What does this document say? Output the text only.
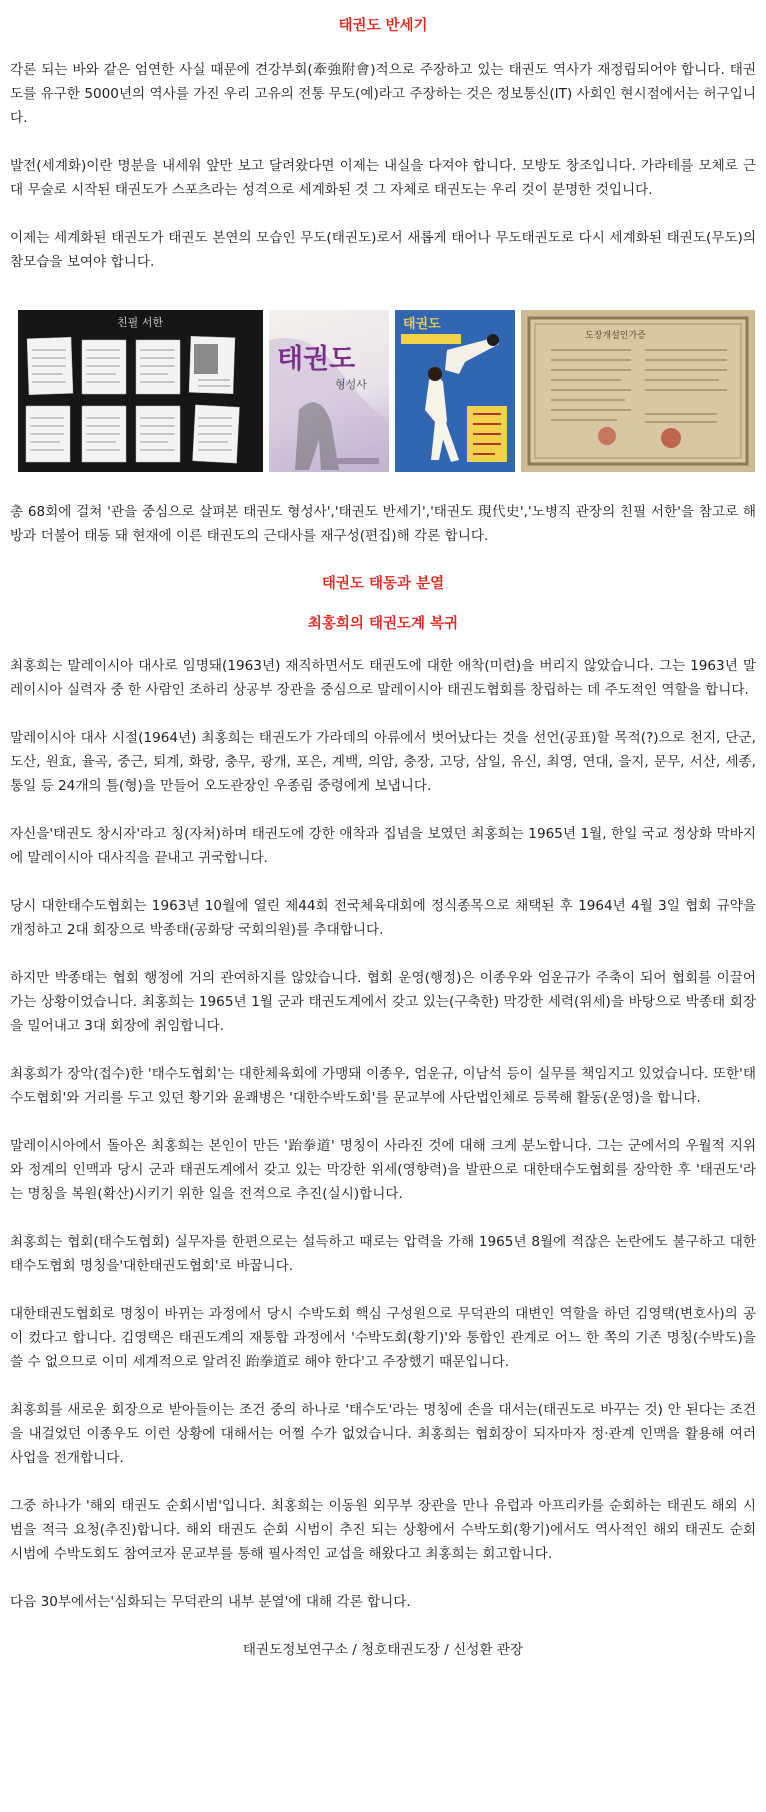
태권도 반세기

각론 되는 바와 같은 엄연한 사실 때문에 견강부회(牽強附會)적으로 주장하고 있는 태권도 역사가 재정립되어야 합니다. 태권도를 유구한 5000년의 역사를 가진 우리 고유의 전통 무도(예)라고 주장하는 것은 정보통신(IT) 사회인 현시점에서는 허구입니다.

발전(세계화)이란 명분을 내세워 앞만 보고 달려왔다면 이제는 내실을 다져야 합니다. 모방도 창조입니다. 가라테를 모체로 근대 무술로 시작된 태권도가 스포츠라는 성격으로 세계화된 것 그 자체로 태권도는 우리 것이 분명한 것입니다.

이제는 세계화된 태권도가 태권도 본연의 모습인 무도(태권도)로서 새롭게 태어나 무도태권도로 다시 세계화된 태권도(무도)의 참모습을 보여야 합니다.

친필 서한
태권도
형성사
태권도
도장개설인가증

총 68회에 걸쳐 '관을 중심으로 살펴본 태권도 형성사','태권도 반세기','태권도 現代史','노병직 관장의 친필 서한'을 참고로 해방과 더불어 태동 돼 현재에 이른 태권도의 근대사를 재구성(편집)해 각론 합니다.

태권도 태동과 분열
최홍희의 태권도계 복귀

최홍희는 말레이시아 대사로 임명돼(1963년) 재직하면서도 태권도에 대한 애착(미련)을 버리지 않았습니다. 그는 1963년 말레이시아 실력자 중 한 사람인 조하리 상공부 장관을 중심으로 말레이시아 태권도협회를 창립하는 데 주도적인 역할을 합니다.

말레이시아 대사 시절(1964년) 최홍희는 태권도가 가라데의 아류에서 벗어났다는 것을 선언(공표)할 목적(?)으로 천지, 단군, 도산, 원효, 율곡, 중근, 퇴계, 화랑, 충무, 광개, 포은, 계백, 의암, 충장, 고당, 삼일, 유신, 최영, 연대, 을지, 문무, 서산, 세종, 통일 등 24개의 틀(형)을 만들어 오도관장인 우종림 중령에게 보냅니다.

자신을'태권도 창시자'라고 칭(자처)하며 태권도에 강한 애착과 집념을 보였던 최홍희는 1965년 1월, 한일 국교 정상화 막바지에 말레이시아 대사직을 끝내고 귀국합니다.

당시 대한태수도협회는 1963년 10월에 열린 제44회 전국체육대회에 정식종목으로 채택된 후 1964년 4월 3일 협회 규약을 개정하고 2대 회장으로 박종태(공화당 국회의원)를 추대합니다.

하지만 박종태는 협회 행정에 거의 관여하지를 않았습니다. 협회 운영(행정)은 이종우와 엄운규가 주축이 되어 협회를 이끌어 가는 상황이었습니다. 최홍희는 1965년 1월 군과 태권도계에서 갖고 있는(구축한) 막강한 세력(위세)을 바탕으로 박종태 회장을 밀어내고 3대 회장에 취임합니다.

최홍희가 장악(접수)한 '태수도협회'는 대한체육회에 가맹돼 이종우, 엄운규, 이남석 등이 실무를 책임지고 있었습니다. 또한'태수도협회'와 거리를 두고 있던 황기와 윤쾌병은 '대한수박도회'를 문교부에 사단법인체로 등록해 활동(운영)을 합니다.

말레이시아에서 돌아온 최홍희는 본인이 만든 '跆拳道' 명칭이 사라진 것에 대해 크게 분노합니다. 그는 군에서의 우월적 지위와 정계의 인맥과 당시 군과 태권도계에서 갖고 있는 막강한 위세(영향력)을 발판으로 대한태수도협회를 장악한 후 '태권도'라는 명칭을 복원(확산)시키기 위한 일을 전적으로 추진(실시)합니다.

최홍희는 협회(태수도협회) 실무자를 한편으로는 설득하고 때로는 압력을 가해 1965년 8월에 적잖은 논란에도 불구하고 대한태수도협회 명칭을'대한태권도협회'로 바꿉니다.

대한태권도협회로 명칭이 바뀌는 과정에서 당시 수박도회 핵심 구성원으로 무덕관의 대변인 역할을 하던 김영택(변호사)의 공이 컸다고 합니다. 김영택은 태권도계의 재통합 과정에서 '수박도회(황기)'와 통합인 관계로 어느 한 쪽의 기존 명칭(수박도)을 쓸 수 없으므로 이미 세계적으로 알려진 跆拳道로 해야 한다'고 주장했기 때문입니다.

최홍희를 새로운 회장으로 받아들이는 조건 중의 하나로 '태수도'라는 명칭에 손을 대서는(태권도로 바꾸는 것) 안 된다는 조건을 내걸었던 이종우도 이런 상황에 대해서는 어쩔 수가 없었습니다. 최홍희는 협회장이 되자마자 정·관계 인맥을 활용해 여러 사업을 전개합니다.

그중 하나가 '해외 태권도 순회시범'입니다. 최홍희는 이동원 외무부 장관을 만나 유럽과 아프리카를 순회하는 태권도 해외 시범을 적극 요청(추진)합니다. 해외 태권도 순회 시범이 추진 되는 상황에서 수박도회(황기)에서도 역사적인 해외 태권도 순회 시범에 수박도회도 참여코자 문교부를 통해 필사적인 교섭을 해왔다고 최홍희는 회고합니다.

다음 30부에서는'심화되는 무덕관의 내부 분열'에 대해 각론 합니다.

태권도정보연구소 / 청호태권도장 / 신성환 관장
